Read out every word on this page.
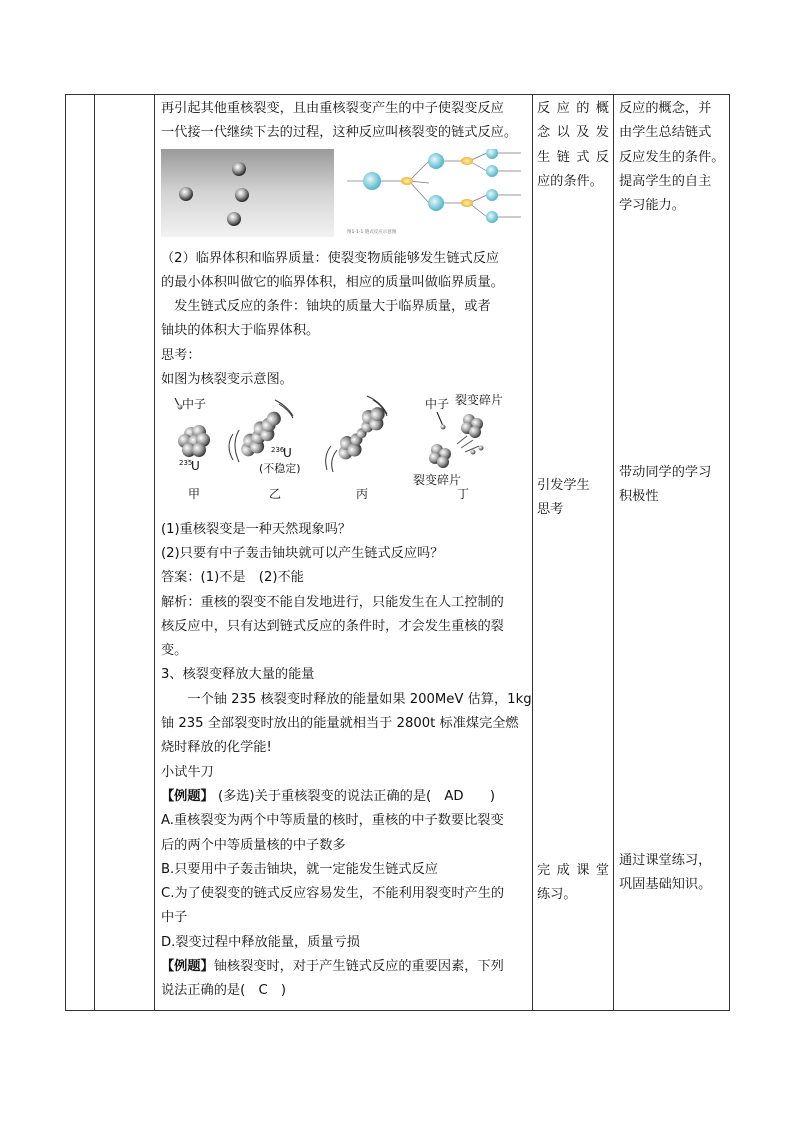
再引起其他重核裂变，且由重核裂变产生的中子使裂变反应
一代接一代继续下去的过程，这种反应叫核裂变的链式反应。
图1-1-1 链式反应示意图
（2）临界体积和临界质量：使裂变物质能够发生链式反应
的最小体积叫做它的临界体积，相应的质量叫做临界质量。
　发生链式反应的条件：铀块的质量大于临界质量，或者
铀块的体积大于临界体积。
思考：
如图为核裂变示意图。
中子
235
U
甲
236
U
(不稳定)
乙	丙
中子 裂变碎片
裂变碎片
丁
(1)重核裂变是一种天然现象吗？
(2)只要有中子轰击铀块就可以产生链式反应吗？
答案：(1)不是　(2)不能
解析：重核的裂变不能自发地进行，只能发生在人工控制的
核反应中，只有达到链式反应的条件时，才会发生重核的裂
变。
3、核裂变释放大量的能量
　　一个铀 235 核裂变时释放的能量如果 200MeV 估算，1kg
铀 235 全部裂变时放出的能量就相当于 2800t 标准煤完全燃
烧时释放的化学能!
小试牛刀
【例题】 (多选)关于重核裂变的说法正确的是(　AD　　)
A.重核裂变为两个中等质量的核时，重核的中子数要比裂变
后的两个中等质量核的中子数多
B.只要用中子轰击铀块，就一定能发生链式反应
C.为了使裂变的链式反应容易发生，不能利用裂变时产生的
中子
D.裂变过程中释放能量，质量亏损
【例题】铀核裂变时，对于产生链式反应的重要因素，下列
说法正确的是(　C　)
反应的概
念以及发
生链式反
应的条件。
引发学生
思考
完成课堂
练习。
反应的概念，并
由学生总结链式
反应发生的条件。
提高学生的自主
学习能力。
带动同学的学习
积极性
通过课堂练习，
巩固基础知识。
